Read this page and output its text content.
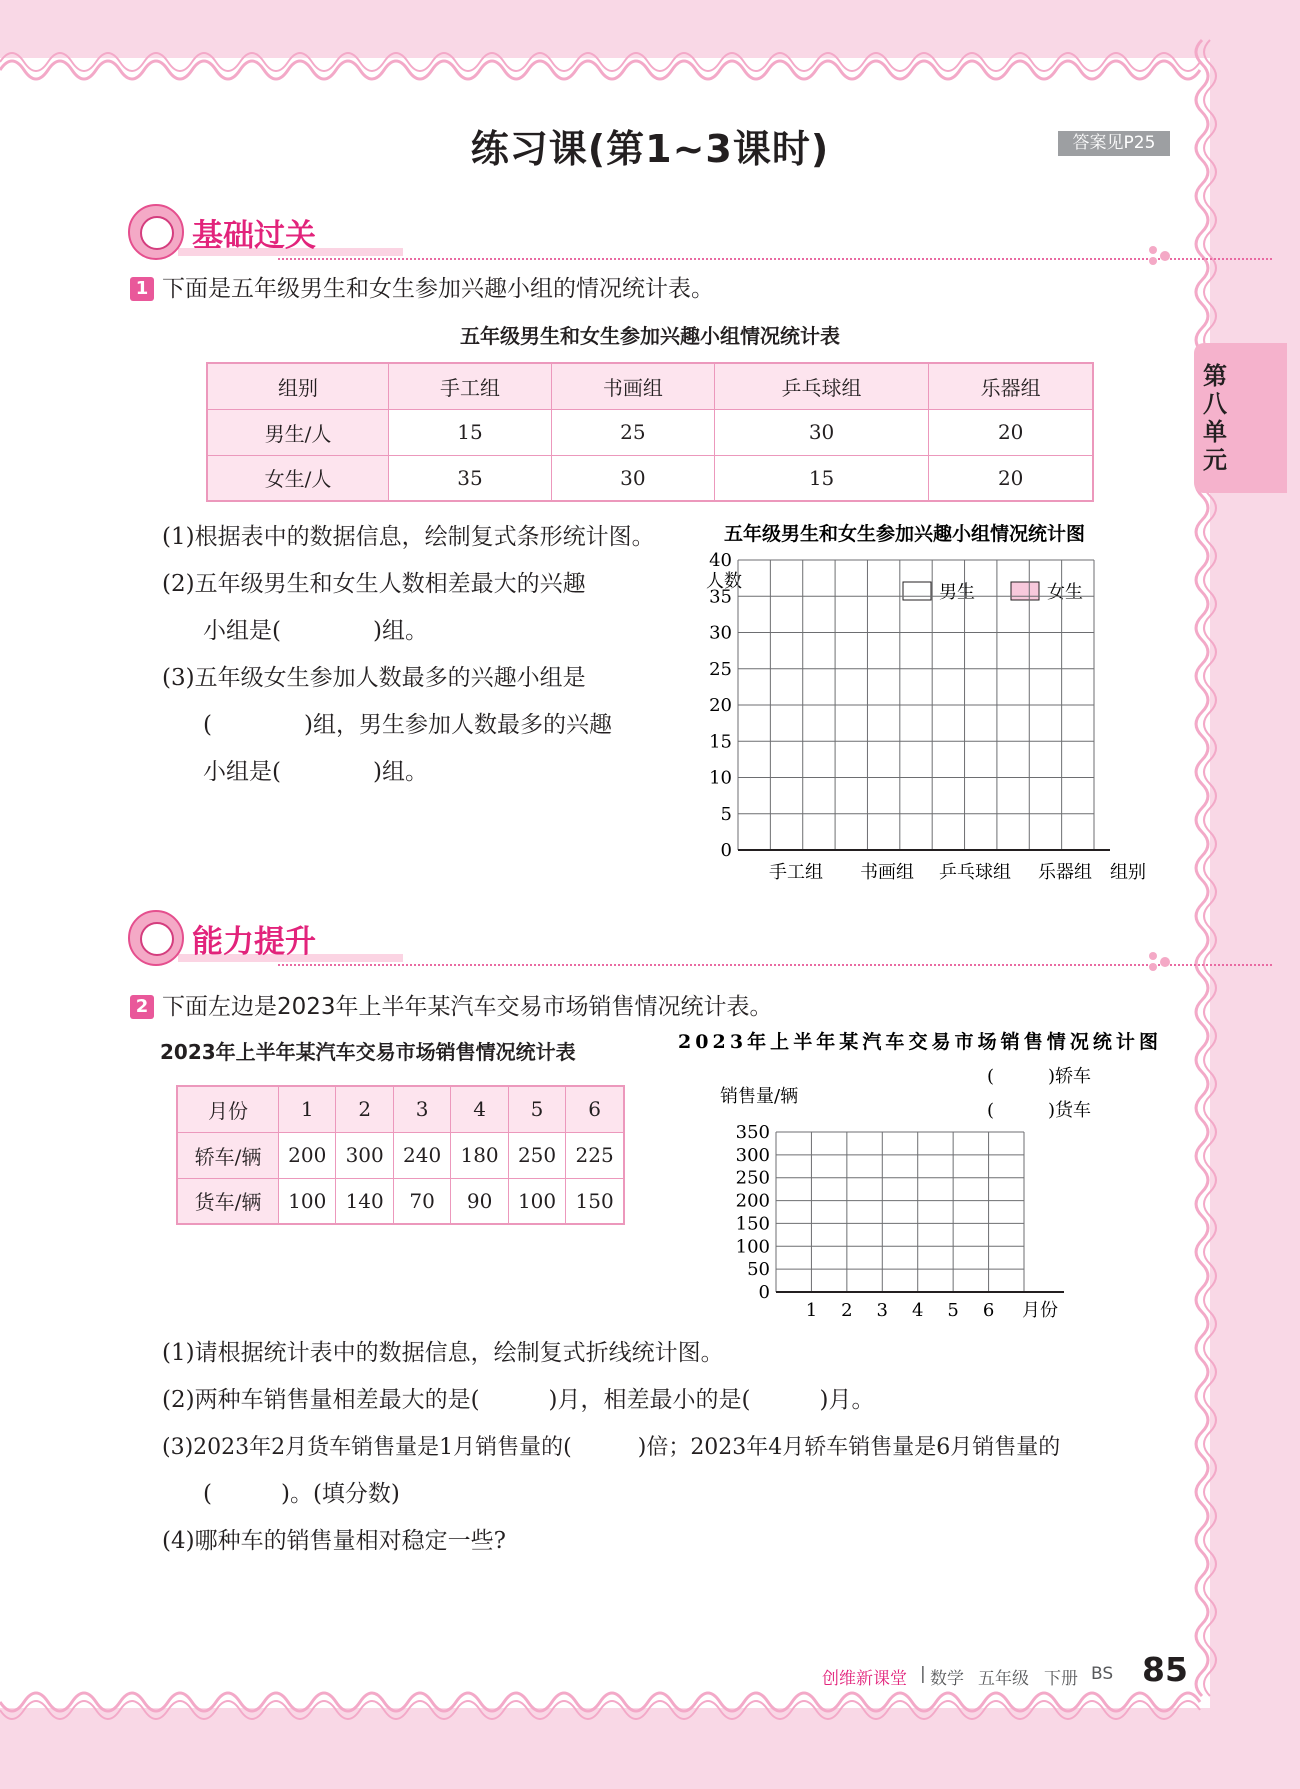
练习课(第1~3课时)	答案见P25
第八单元
基础过关
1 下面是五年级男生和女生参加兴趣小组的情况统计表。
五年级男生和女生参加兴趣小组情况统计表
组别	手工组	书画组	乒乓球组	乐器组
男生/人	15	25	30	20
女生/人	35	30	15	20
(1)根据表中的数据信息，绘制复式条形统计图。
(2)五年级男生和女生人数相差最大的兴趣
小组是(　　　　)组。
(3)五年级女生参加人数最多的兴趣小组是
(　　　　)组，男生参加人数最多的兴趣
小组是(　　　　)组。
五年级男生和女生参加兴趣小组情况统计图
人数
男生	女生
0
5
10
15
20
25
30
35
40
手工组 书画组 乒乓球组 乐器组 组别
能力提升
2 下面左边是2023年上半年某汽车交易市场销售情况统计表。
2023年上半年某汽车交易市场销售情况统计表
月份	1	2	3	4	5	6
轿车/辆	200	300	240	180	250	225
货车/辆	100	140	70	90	100	150
2023年上半年某汽车交易市场销售情况统计图
销售量/辆
(　　　)轿车
(　　　)货车
0
50
100
150
200
250
300
350
1 2 3 4 5 6 月份
(1)请根据统计表中的数据信息，绘制复式折线统计图。
(2)两种车销售量相差最大的是(　　　)月，相差最小的是(　　　)月。
(3)2023年2月货车销售量是1月销售量的(　　　)倍；2023年4月轿车销售量是6月销售量的
(　　　)。(填分数)
(4)哪种车的销售量相对稳定一些?
创维新课堂 | 数学 五年级 下册 BS 85
